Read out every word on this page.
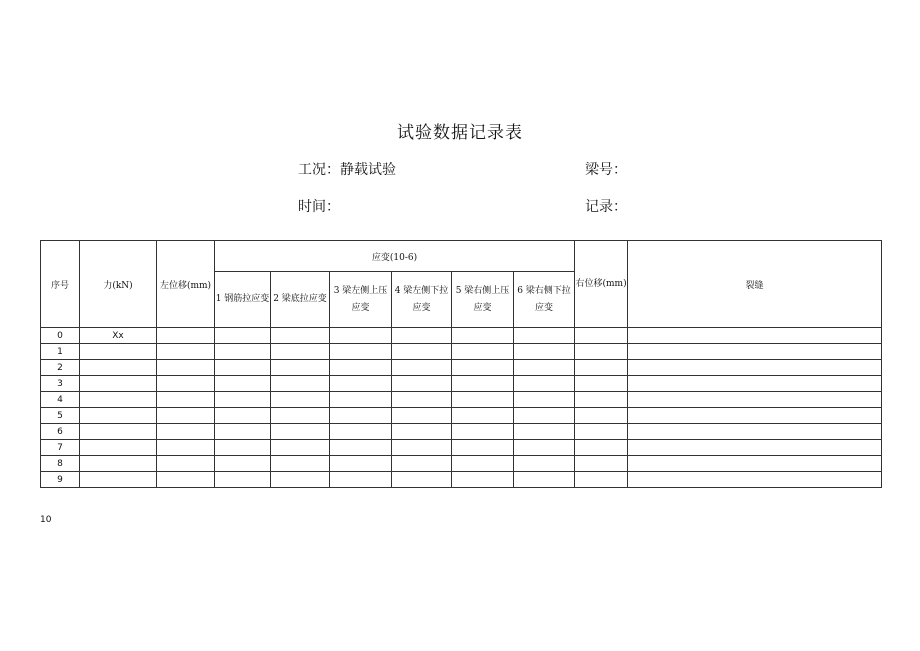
试验数据记录表
工况：静载试验	梁号：
时间：	记录：
序号	力(kN)	左位移(mm)	应变(10-6)						右位移(mm)	裂缝
			1 钢筋拉应变	2 梁底拉应变	3 梁左侧上压应变	4 梁左侧下拉应变	5 梁右侧上压应变	6 梁右侧下拉应变		
0	Xx									
1										
2										
3										
4										
5										
6										
7										
8										
9										
10
